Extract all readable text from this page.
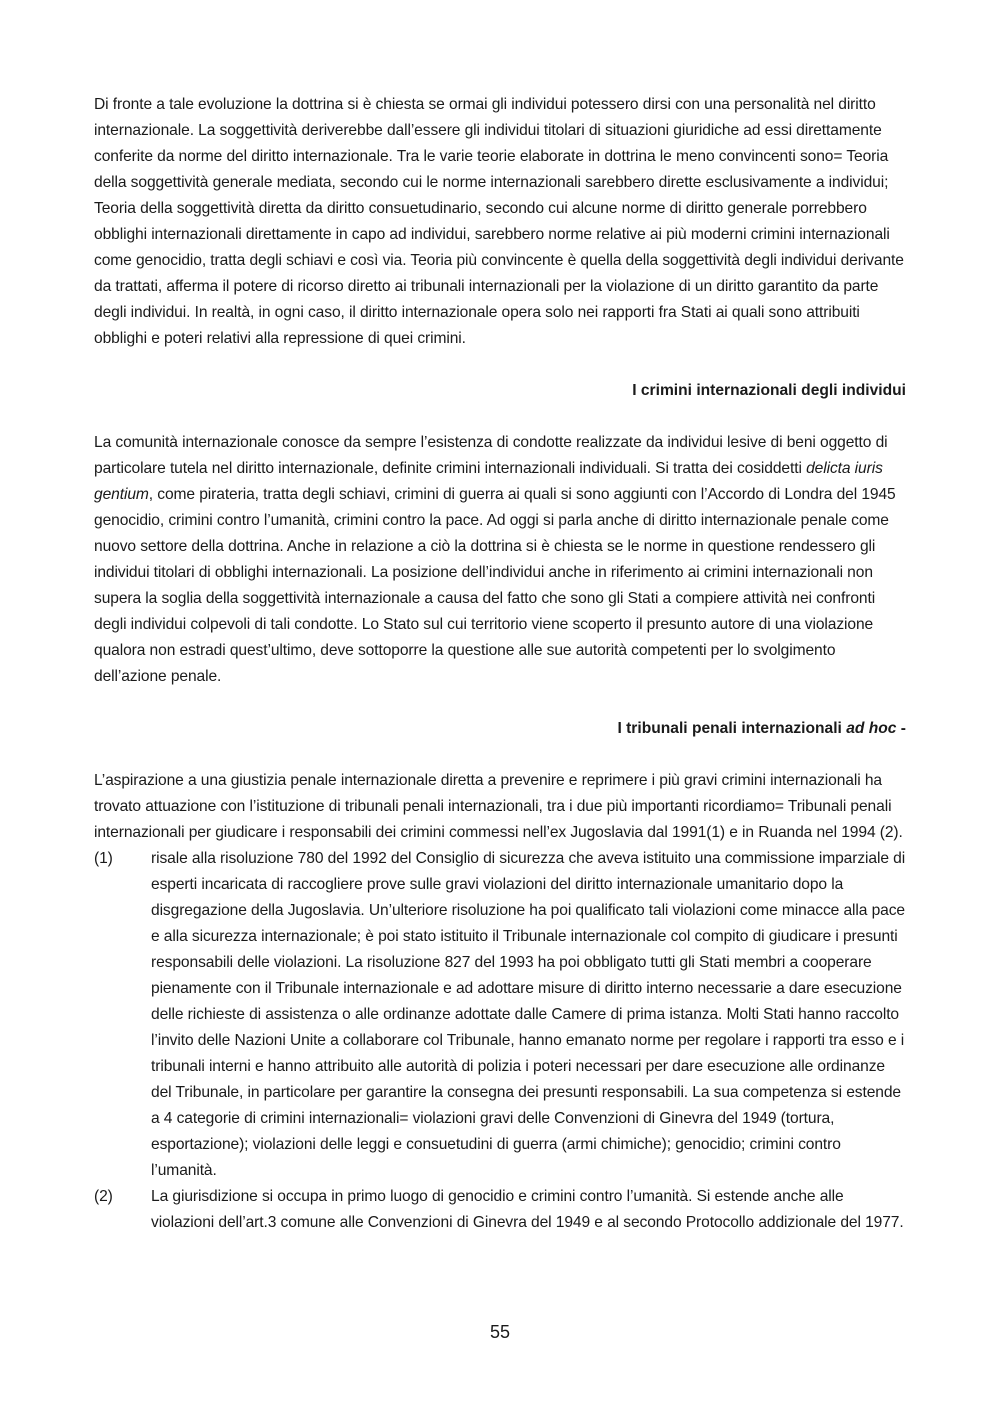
Di fronte a tale evoluzione la dottrina si è chiesta se ormai gli individui potessero dirsi con una personalità nel diritto internazionale. La soggettività deriverebbe dall’essere gli individui titolari di situazioni giuridiche ad essi direttamente conferite da norme del diritto internazionale. Tra le varie teorie elaborate in dottrina le meno convincenti sono= Teoria della soggettività generale mediata, secondo cui le norme internazionali sarebbero dirette esclusivamente a individui; Teoria della soggettività diretta da diritto consuetudinario, secondo cui alcune norme di diritto generale porrebbero obblighi internazionali direttamente in capo ad individui, sarebbero norme relative ai più moderni crimini internazionali come genocidio, tratta degli schiavi e così via. Teoria più convincente è quella della soggettività degli individui derivante da trattati, afferma il potere di ricorso diretto ai tribunali internazionali per la violazione di un diritto garantito da parte degli individui. In realtà, in ogni caso, il diritto internazionale opera solo nei rapporti fra Stati ai quali sono attribuiti obblighi e poteri relativi alla repressione di quei crimini.

I crimini internazionali degli individui

La comunità internazionale conosce da sempre l’esistenza di condotte realizzate da individui lesive di beni oggetto di particolare tutela nel diritto internazionale, definite crimini internazionali individuali. Si tratta dei cosiddetti delicta iuris gentium, come pirateria, tratta degli schiavi, crimini di guerra ai quali si sono aggiunti con l’Accordo di Londra del 1945 genocidio, crimini contro l’umanità, crimini contro la pace. Ad oggi si parla anche di diritto internazionale penale come nuovo settore della dottrina. Anche in relazione a ciò la dottrina si è chiesta se le norme in questione rendessero gli individui titolari di obblighi internazionali. La posizione dell’individui anche in riferimento ai crimini internazionali non supera la soglia della soggettività internazionale a causa del fatto che sono gli Stati a compiere attività nei confronti degli individui colpevoli di tali condotte. Lo Stato sul cui territorio viene scoperto il presunto autore di una violazione qualora non estradi quest’ultimo, deve sottoporre la questione alle sue autorità competenti per lo svolgimento dell’azione penale.

I tribunali penali internazionali ad hoc -

L’aspirazione a una giustizia penale internazionale diretta a prevenire e reprimere i più gravi crimini internazionali ha trovato attuazione con l’istituzione di tribunali penali internazionali, tra i due più importanti ricordiamo= Tribunali penali internazionali per giudicare i responsabili dei crimini commessi nell’ex Jugoslavia dal 1991(1) e in Ruanda nel 1994 (2).

(1)	risale alla risoluzione 780 del 1992 del Consiglio di sicurezza che aveva istituito una commissione imparziale di esperti incaricata di raccogliere prove sulle gravi violazioni del diritto internazionale umanitario dopo la disgregazione della Jugoslavia. Un’ulteriore risoluzione ha poi qualificato tali violazioni come minacce alla pace e alla sicurezza internazionale; è poi stato istituito il Tribunale internazionale col compito di giudicare i presunti responsabili delle violazioni. La risoluzione 827 del 1993 ha poi obbligato tutti gli Stati membri a cooperare pienamente con il Tribunale internazionale e ad adottare misure di diritto interno necessarie a dare esecuzione delle richieste di assistenza o alle ordinanze adottate dalle Camere di prima istanza. Molti Stati hanno raccolto l’invito delle Nazioni Unite a collaborare col Tribunale, hanno emanato norme per regolare i rapporti tra esso e i tribunali interni e hanno attribuito alle autorità di polizia i poteri necessari per dare esecuzione alle ordinanze del Tribunale, in particolare per garantire la consegna dei presunti responsabili. La sua competenza si estende a 4 categorie di crimini internazionali= violazioni gravi delle Convenzioni di Ginevra del 1949 (tortura, esportazione); violazioni delle leggi e consuetudini di guerra (armi chimiche); genocidio; crimini contro l’umanità.
(2)	La giurisdizione si occupa in primo luogo di genocidio e crimini contro l’umanità. Si estende anche alle violazioni dell’art.3 comune alle Convenzioni di Ginevra del 1949 e al secondo Protocollo addizionale del 1977.
55
